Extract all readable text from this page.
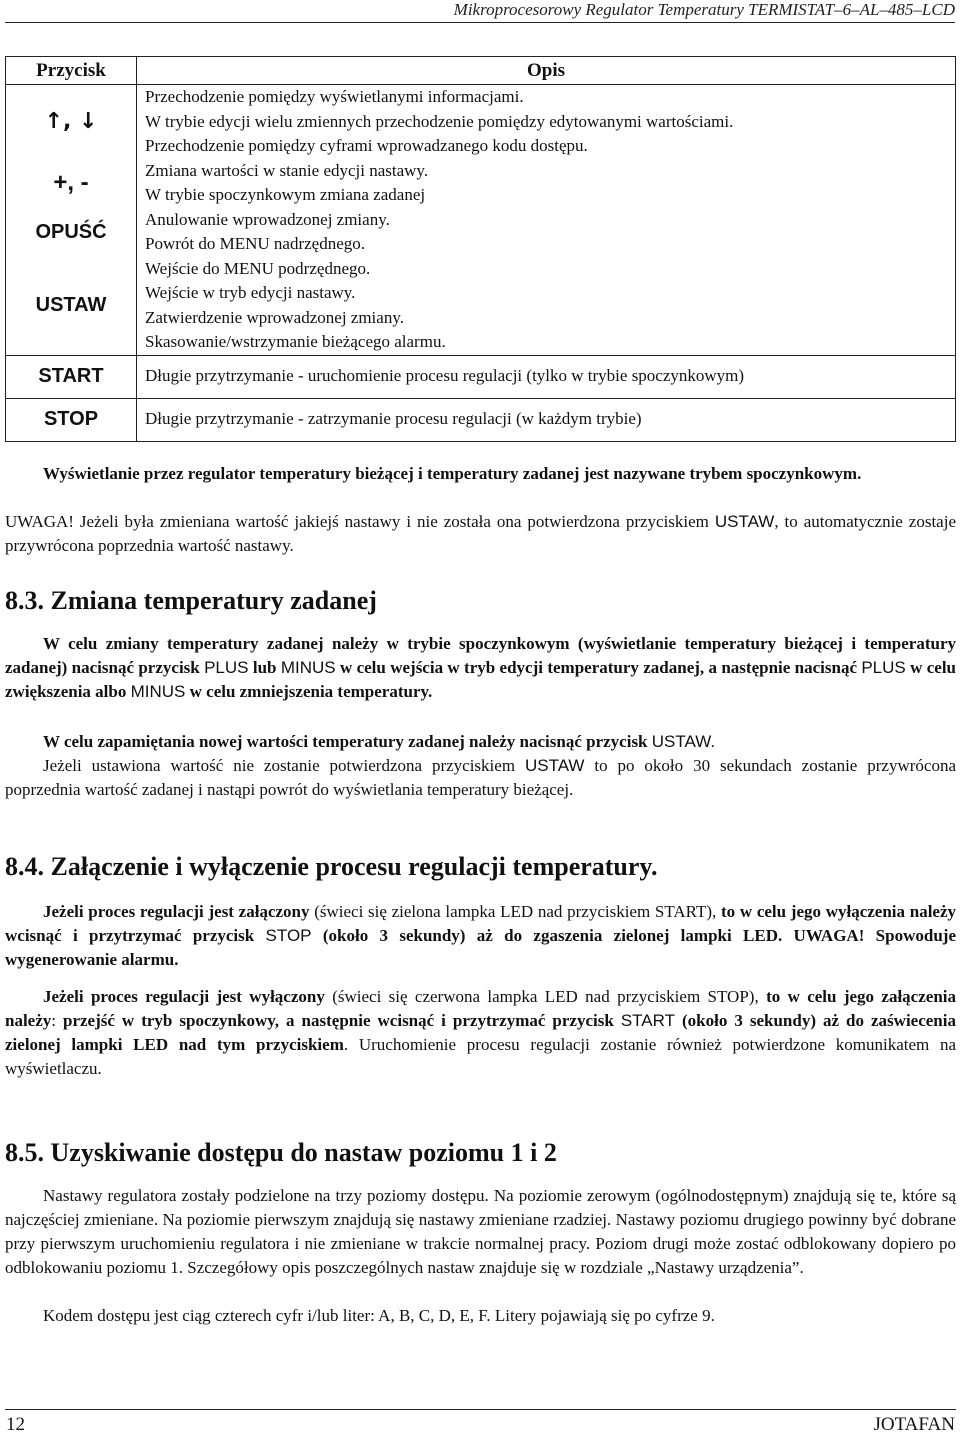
Mikroprocesorowy Regulator Temperatury TERMISTAT–6–AL–485–LCD
Przycisk	Opis
↑, ↓	Przechodzenie pomiędzy wyświetlanymi informacjami.
W trybie edycji wielu zmiennych przechodzenie pomiędzy edytowanymi wartościami.
Przechodzenie pomiędzy cyframi wprowadzanego kodu dostępu.

+, -	Zmiana wartości w stanie edycji nastawy.
W trybie spoczynkowym zmiana zadanej

OPUŚĆ	Anulowanie wprowadzonej zmiany.
Powrót do MENU nadrzędnego.

USTAW	Wejście do MENU podrzędnego.
Wejście w tryb edycji nastawy.
Zatwierdzenie wprowadzonej zmiany.
Skasowanie/wstrzymanie bieżącego alarmu.

START	Długie przytrzymanie - uruchomienie procesu regulacji (tylko w trybie spoczynkowym)

STOP	Długie przytrzymanie - zatrzymanie procesu regulacji (w każdym trybie)
Wyświetlanie przez regulator temperatury bieżącej i temperatury zadanej jest nazywane trybem spoczynkowym.
UWAGA! Jeżeli była zmieniana wartość jakiejś nastawy i nie została ona potwierdzona przyciskiem USTAW, to automatycznie zostaje przywrócona poprzednia wartość nastawy.
8.3. Zmiana temperatury zadanej
W celu zmiany temperatury zadanej należy w trybie spoczynkowym (wyświetlanie temperatury bieżącej i temperatury zadanej) nacisnąć przycisk PLUS lub MINUS w celu wejścia w tryb edycji temperatury zadanej, a następnie nacisnąć PLUS w celu zwiększenia albo MINUS w celu zmniejszenia temperatury.
W celu zapamiętania nowej wartości temperatury zadanej należy nacisnąć przycisk USTAW.
Jeżeli ustawiona wartość nie zostanie potwierdzona przyciskiem USTAW to po około 30 sekundach zostanie przywrócona poprzednia wartość zadanej i nastąpi powrót do wyświetlania temperatury bieżącej.
8.4. Załączenie i wyłączenie procesu regulacji temperatury.
Jeżeli proces regulacji jest załączony (świeci się zielona lampka LED nad przyciskiem START), to w celu jego wyłączenia należy wcisnąć i przytrzymać przycisk STOP (około 3 sekundy) aż do zgaszenia zielonej lampki LED. UWAGA! Spowoduje wygenerowanie alarmu.
Jeżeli proces regulacji jest wyłączony (świeci się czerwona lampka LED nad przyciskiem STOP), to w celu jego załączenia należy: przejść w tryb spoczynkowy, a następnie wcisnąć i przytrzymać przycisk START (około 3 sekundy) aż do zaświecenia zielonej lampki LED nad tym przyciskiem. Uruchomienie procesu regulacji zostanie również potwierdzone komunikatem na wyświetlaczu.
8.5. Uzyskiwanie dostępu do nastaw poziomu 1 i 2
Nastawy regulatora zostały podzielone na trzy poziomy dostępu. Na poziomie zerowym (ogólnodostępnym) znajdują się te, które są najczęściej zmieniane. Na poziomie pierwszym znajdują się nastawy zmieniane rzadziej. Nastawy poziomu drugiego powinny być dobrane przy pierwszym uruchomieniu regulatora i nie zmieniane w trakcie normalnej pracy. Poziom drugi może zostać odblokowany dopiero po odblokowaniu poziomu 1. Szczegółowy opis poszczególnych nastaw znajduje się w rozdziale „Nastawy urządzenia”.
Kodem dostępu jest ciąg czterech cyfr i/lub liter: A, B, C, D, E, F. Litery pojawiają się po cyfrze 9.
12	JOTAFAN
